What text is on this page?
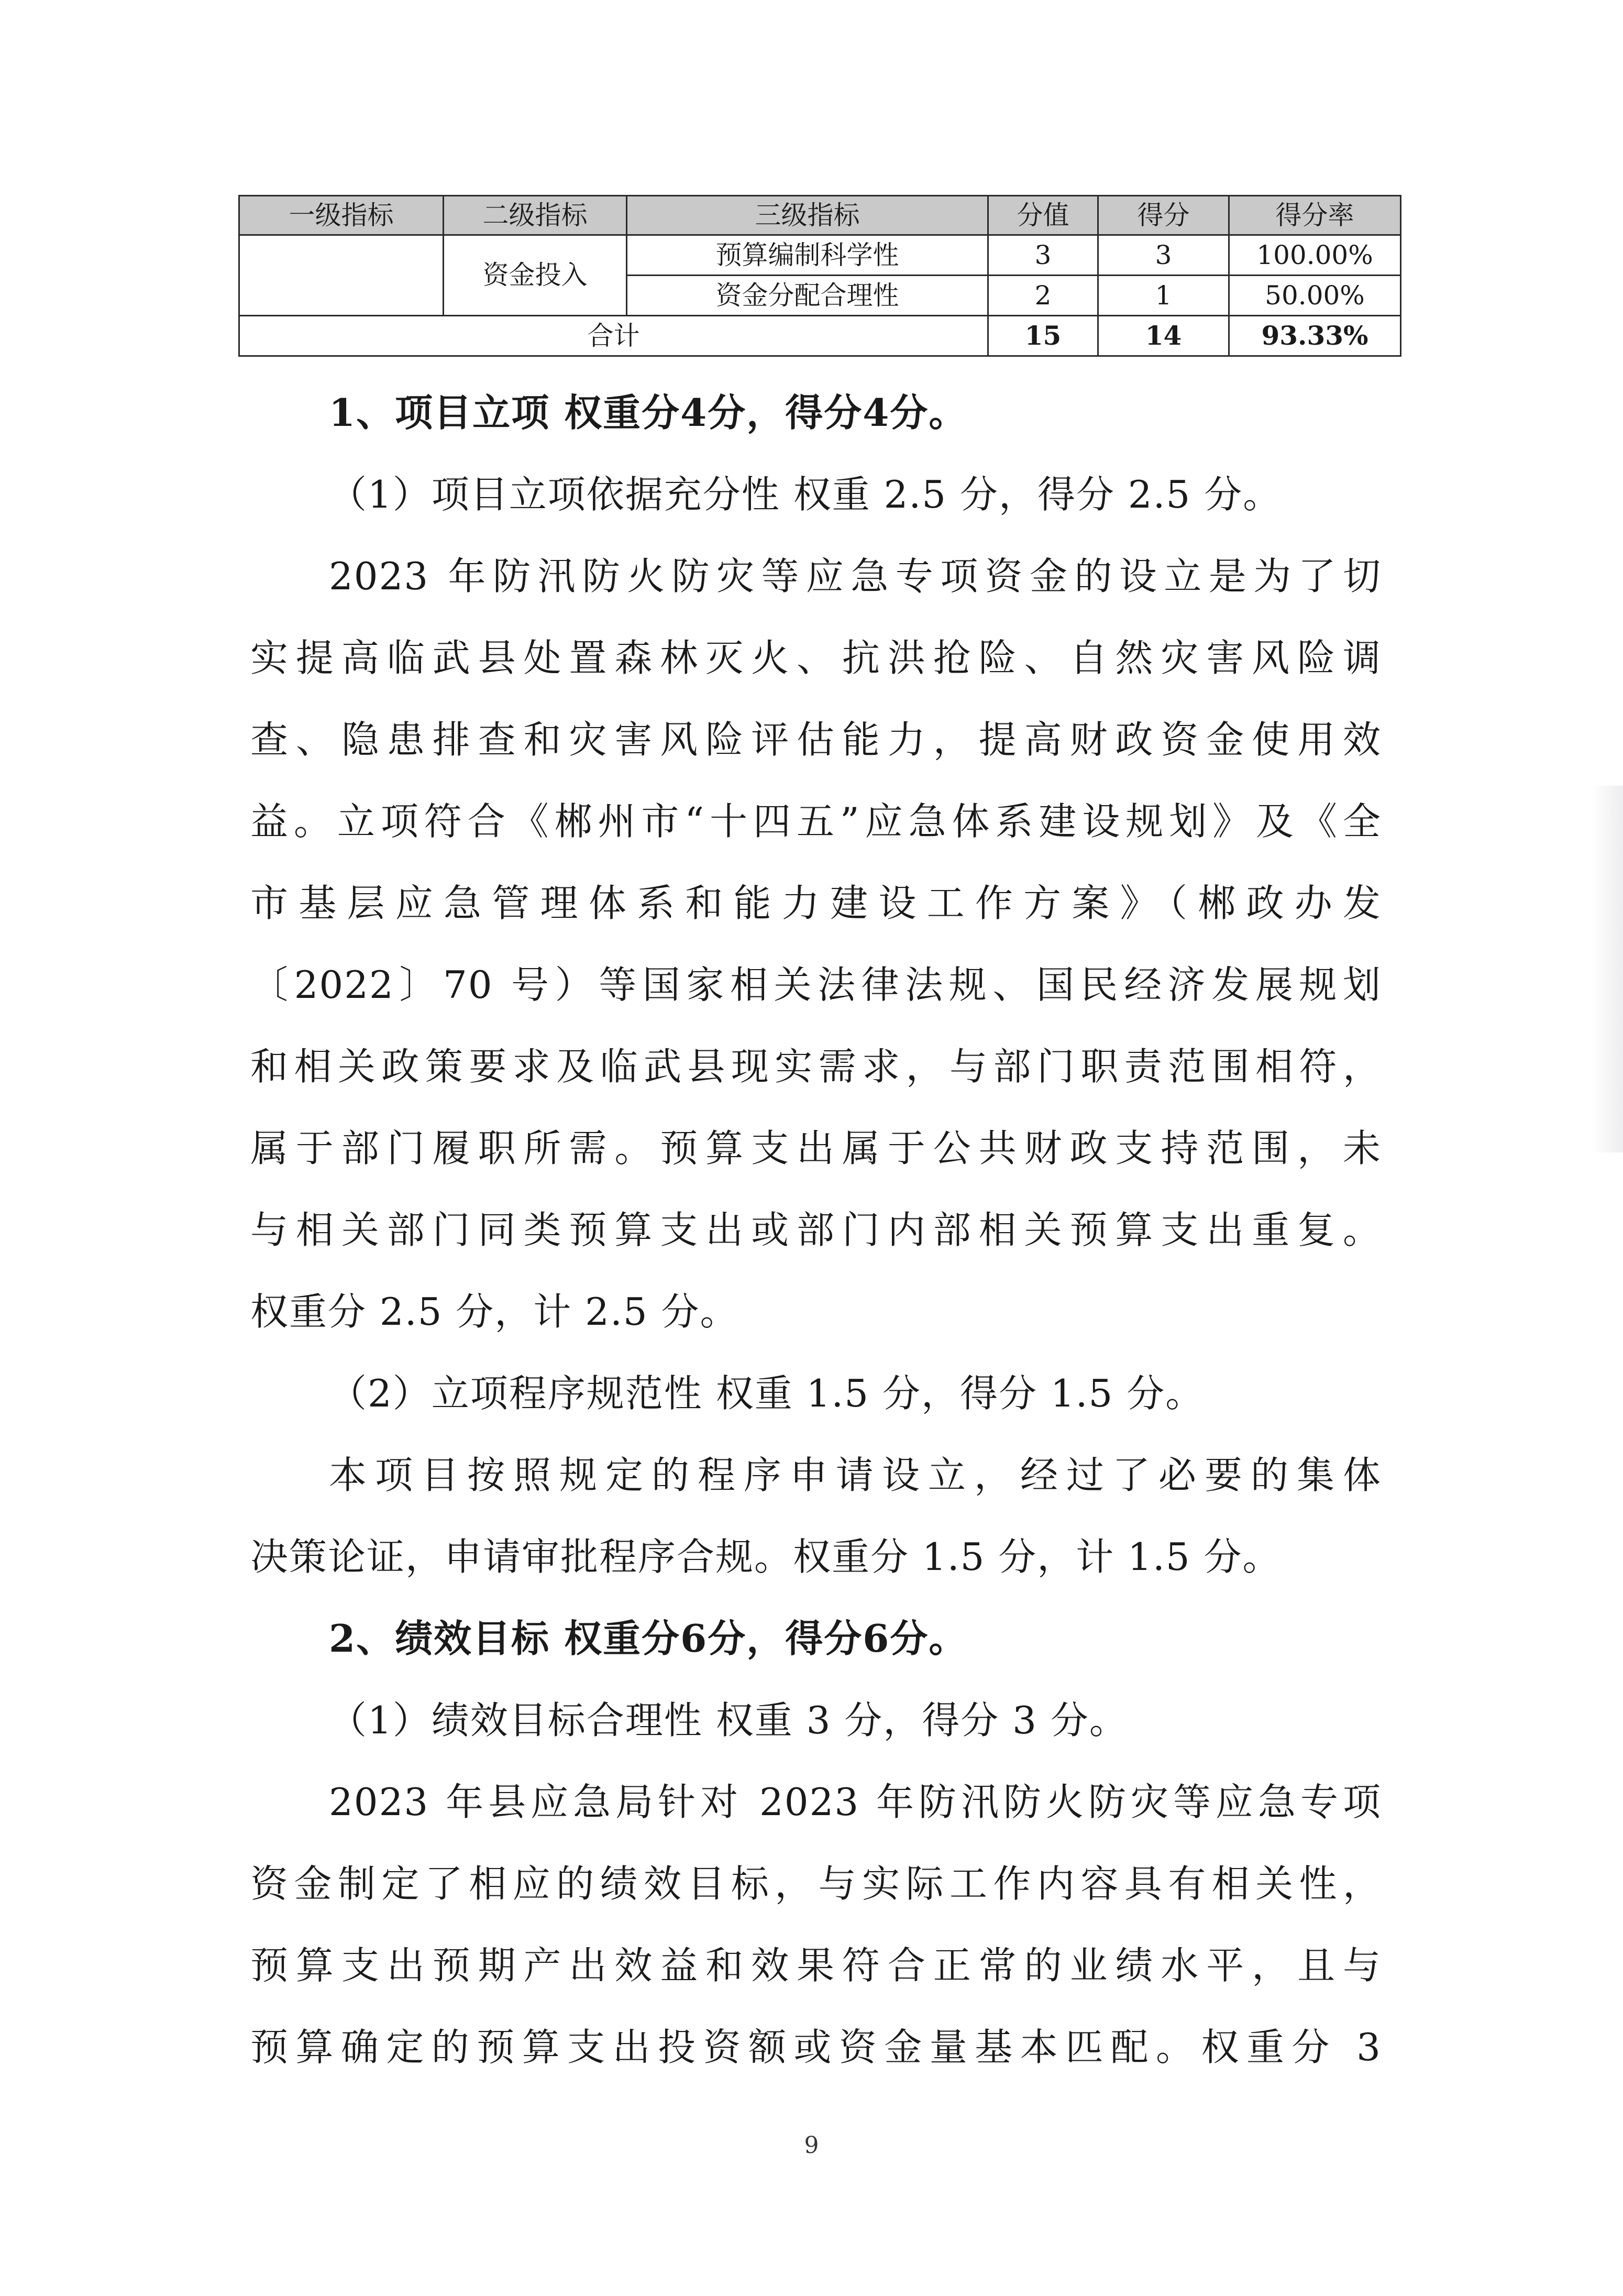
一级指标	二级指标	三级指标	分值	得分	得分率
	资金投入	预算编制科学性	3	3	100.00%
		资金分配合理性	2	1	50.00%
合计			15	14	93.33%
1、项目立项 权重分4分，得分4分。
（1）项目立项依据充分性 权重 2.5 分，得分 2.5 分。
2023 年防汛防火防灾等应急专项资金的设立是为了切
实提高临武县处置森林灭火、抗洪抢险、自然灾害风险调
查、隐患排查和灾害风险评估能力，提高财政资金使用效
益。立项符合《郴州市“十四五”应急体系建设规划》及《全
市基层应急管理体系和能力建设工作方案》（郴政办发
〔2022〕70 号）等国家相关法律法规、国民经济发展规划
和相关政策要求及临武县现实需求，与部门职责范围相符，
属于部门履职所需。预算支出属于公共财政支持范围，未
与相关部门同类预算支出或部门内部相关预算支出重复。
权重分 2.5 分，计 2.5 分。
（2）立项程序规范性 权重 1.5 分，得分 1.5 分。
本项目按照规定的程序申请设立，经过了必要的集体
决策论证，申请审批程序合规。权重分 1.5 分，计 1.5 分。
2、绩效目标 权重分6分，得分6分。
（1）绩效目标合理性 权重 3 分，得分 3 分。
2023 年县应急局针对 2023 年防汛防火防灾等应急专项
资金制定了相应的绩效目标，与实际工作内容具有相关性，
预算支出预期产出效益和效果符合正常的业绩水平，且与
预算确定的预算支出投资额或资金量基本匹配。权重分 3
9
